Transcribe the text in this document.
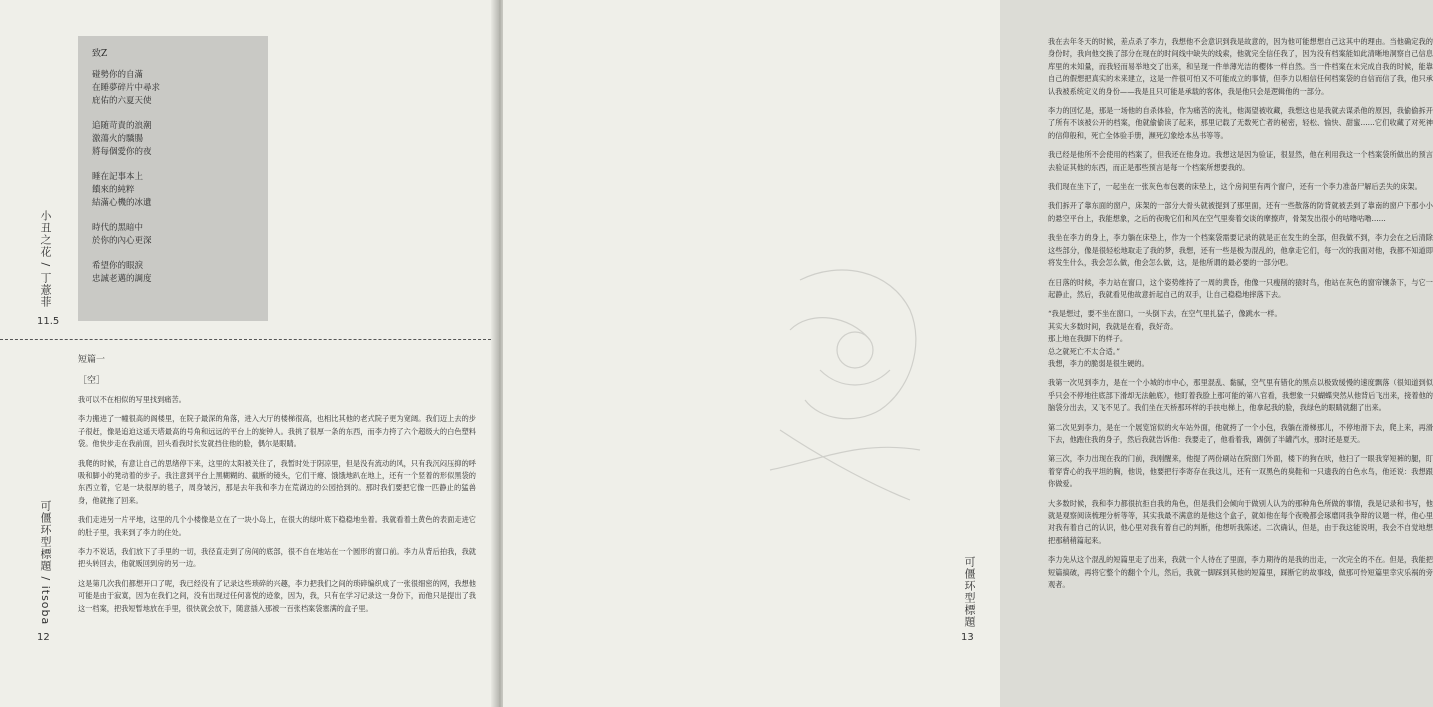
小丑之花 / 丁薏菲
11.5
致Z
碰勢你的自滿
在睡夢碎片中尋求
庇佑的六夏天使
追随苛責的浪潮
激蕩火的驕腸
將每個愛你的夜
睡在記事本上
饋來的純粹
結滿心機的冰遺
時代的黑暗中
於你的內心更深
希望你的眼淚
忠誠老邁的調度
可僵环型標題 / itsoba
12
短篇一
［空］

我可以不在相似的写里找到痛苦。

李力搬进了一幢很高的阁楼里，在院子最深的角落，进入大厅的楼梯很高，也相比其他的老式院子更为宽阔。我们迈上去的步子很赶，像是追迫这遥天塔最高的号角和远远的平台上的旋钟人。我挑了很厚一条的东西，而李力挎了六个超级大的白色塑料袋。他快步走在我前面，回头看我时长发就挡住他的脸，偶尔是眼睛。

我爬的时候，有意让自己的思绪停下来，这里的太阳被关住了，我暂时处于阴凉里，但是没有流动的风，只有我沉闷压抑的呼吸和脚小的凳动着的步子。我注意到平台上黑糊糊的、截断的镜头，它们干瘪、饿饿地趴在地上，还有一个竖着的形似黑袋的东西立着，它是一块很厚的毯子，周身皱污，那是去年我和李力在荒湖边的公园拾到的。那时我们要把它像一匹静止的猛兽身，他就拖了回来。

我们走进另一片平地，这里的几个小楼像是立在了一块小岛上，在很大的绿叶底下稳稳地坐着。我就看着土黄色的表面走进它的肚子里，我来到了李力的住处。

李力不说话，我们放下了手里的一切，我径直走到了房间的底部，很不自在地站在一个圆形的窗口前。李力从背后拍我，我就把头转回去，他就贩回到房的另一边。

这是第几次我们都想开口了呢，我已经没有了记录这些琐碎的兴趣，李力把我们之间的琐碎编织成了一张很细密的网，我想他可能是由于寂寞，因为在我们之间，没有出现过任何喜悦的迹象，因为，我，只有在学习记录这一身份下，而他只是提出了我这一档案，把我短暂地放在手里，很快就会放下，随意插入那被一百张档案袋塞满的盒子里。

我在去年冬天的时候，差点杀了李力，我想他不会意识到我是故意的，因为他可能想想自己这其中的理由。当他确定我的身份时，我向他交换了部分在现在的时间线中缺失的线索，他就完全信任我了，因为没有档案能如此清晰地洞察自己信息库里的未知量，而我轻而易举地交了出来，和呈现一件单薄光洁的樱体一样自然。当一件档案在未完成自我的时候，能靠自己的假想把真实的未来建立，这是一件很可怕又不可能成立的事情，但李力以相信任何档案袋的自信而信了我，他只承认我被系统定义的身份——我是且只可能是承载的客体，我是他只会是逻辑他的一部分。

李力的回忆是，那是一场他的自杀体验，作为痛苦的洗礼，他渴望被收藏，我想这也是我就去谋杀他的原因，我偷偷拆开了所有不该被公开的档案，他就偷偷读了起来，那里记载了无数死亡者的秘密，轻松、愉快、甜蜜……它们收藏了对死神的信仰般和，死亡全体验手册，濒死幻象绘本丛书等等。

我已经是他所不会使用的档案了，但我还在他身边。我想这是因为验证，很显然，他在利用我这一个档案袋所做出的预言去验证其他的东西，而正是那些预言是每一个档案所想要我的。

我们现在坐下了，一起坐在一张灰色布包裹的床垫上，这个房间里有两个窗户，还有一个李力准备尸解后丢失的床架。

我们拆开了靠东面的窗户，床架的一部分大骨头就被提到了那里面，还有一些散落的防背就被丢到了靠南的窗户下那小小的悬空平台上，我能想象，之后的夜晚它们和风在空气里奏着交谈的摩擦声，骨架发出很小的咕噜咕噜……

我坐在李力的身上，李力躺在床垫上，作为一个档案袋需要记录的就是正在发生的全部，但我做不到，李力会在之后清除这些部分，像是很轻松地取走了我的梦，我想，还有一些是极为混乱的，他拿走它们，每一次的我面对他，我都不知道即将发生什么，我会怎么做，他会怎么做，这，是他所谓的最必要的一部分吧。

在日落的时候，李力站在窗口，这个姿势维持了一周的黄昏，他像一只瘦削的猿时鸟，他站在灰色的窗帘镶条下，与它一起静止，然后，我就看见他故意折起自己的双手，让自己稳稳地摔落下去。

“我是想过，要不坐在窗口，一头倒下去，在空气里扎猛子，像跳水一样。
其实大多数时间，我就是在看，我好奇。
那上地在我脚下的样子。
总之就死亡不太合适。”
我想，李力的脆弱是很生硬的。

我第一次见到李力，是在一个小城的市中心，那里混乱、黏腻，空气里有错化的黑点以极致缓慢的速度飘落（很知道到似乎只会不停地往底部下滑却无法触底），他盯着我脸上那可能的第八官看，我想象一只蝴蝶突然从他背后飞出来，接着他的脑袋分出去，又飞不见了。我们坐在天桥那环样的手扶电梯上，他拿起我的脸，我绿色的眼睛就翻了出来。

第二次见到李力，是在一个展览馆似的火车站外面，他就挎了一个小包，我躺在滑梯那儿，不停地滑下去，爬上来，再滑下去，他跑住我的身子，然后我就告诉他：我要走了，他看着我，踢倒了半罐汽水，那时还是夏天。

第三次，李力出现在我的门前，我刚醒来，他提了两份刷站在院窗门外面，楼下的狗在吠，他扫了一眼我穿短裤的腿，盯着穿背心的我平坦的胸，他说，他要把行李寄存在我这儿，还有一双黑色的臭鞋和一只遗我的白色水鸟，他还说：我想跟你做爱。

大多数时候，我和李力都很抗拒自我的角色，但是我们会倾向于做别人认为的那种角色所做的事情，我是记录和书写，他就是观察阅读梳理分析等等，其实我最不满意的是他这个盒子，就如他在每个夜晚都会琢磨同我争辩的议题一样，他心里对我有着自己的认识，他心里对我有着自己的判断，他想听我陈述。二次确认，但是，由于我这能说明，我会不自觉地想把那稍稍篇起来。

李力先从这个混乱的短篇里走了出来，我就一个人待在了里面，李力期待的是我的出走，一次完全的不在。但是，我能把短篇搞破，再将它整个的翻个个儿，然后，我就一脚踩到其他的短篇里，踩断它的故事线，做那可怜短篇里幸灾乐祸的旁观者。

可僵环型標題
13
